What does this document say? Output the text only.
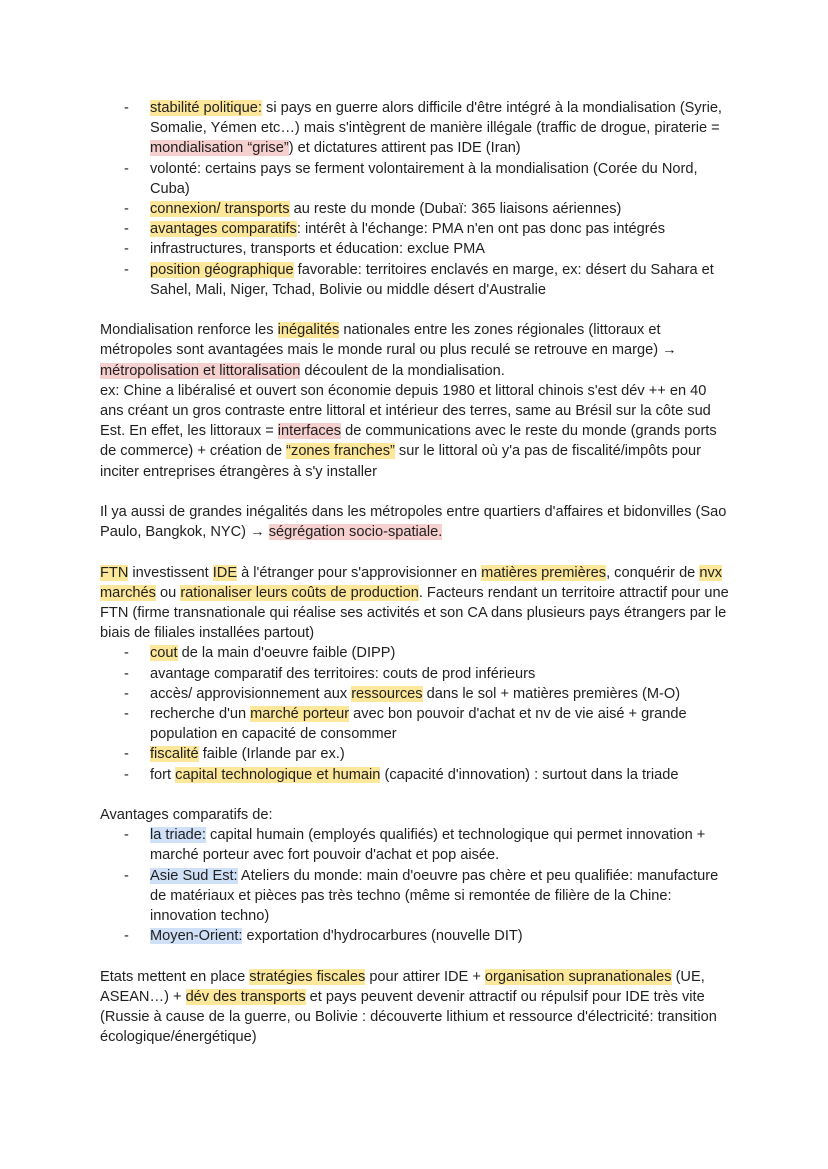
- stabilité politique: si pays en guerre alors difficile d'être intégré à la mondialisation (Syrie, Somalie, Yémen etc…) mais s'intègrent de manière illégale (traffic de drogue, piraterie = mondialisation “grise”) et dictatures attirent pas IDE (Iran)
- volonté: certains pays se ferment volontairement à la mondialisation (Corée du Nord, Cuba)
- connexion/ transports au reste du monde (Dubaï: 365 liaisons aériennes)
- avantages comparatifs: intérêt à l'échange: PMA n'en ont pas donc pas intégrés
- infrastructures, transports et éducation: exclue PMA
- position géographique favorable: territoires enclavés en marge, ex: désert du Sahara et Sahel, Mali, Niger, Tchad, Bolivie ou middle désert d'Australie

Mondialisation renforce les inégalités nationales entre les zones régionales (littoraux et métropoles sont avantagées mais le monde rural ou plus reculé se retrouve en marge) →
métropolisation et littoralisation découlent de la mondialisation.
ex: Chine a libéralisé et ouvert son économie depuis 1980 et littoral chinois s'est dév ++ en 40 ans créant un gros contraste entre littoral et intérieur des terres, same au Brésil sur la côte sud Est. En effet, les littoraux = interfaces de communications avec le reste du monde (grands ports de commerce) + création de “zones franches” sur le littoral où y'a pas de fiscalité/impôts pour inciter entreprises étrangères à s'y installer

Il ya aussi de grandes inégalités dans les métropoles entre quartiers d'affaires et bidonvilles (Sao Paulo, Bangkok, NYC) → ségrégation socio-spatiale.

FTN investissent IDE à l'étranger pour s'approvisionner en matières premières, conquérir de nvx marchés ou rationaliser leurs coûts de production. Facteurs rendant un territoire attractif pour une FTN (firme transnationale qui réalise ses activités et son CA dans plusieurs pays étrangers par le biais de filiales installées partout)

- cout de la main d'oeuvre faible (DIPP)
- avantage comparatif des territoires: couts de prod inférieurs
- accès/ approvisionnement aux ressources dans le sol + matières premières (M-O)
- recherche d'un marché porteur avec bon pouvoir d'achat et nv de vie aisé + grande population en capacité de consommer
- fiscalité faible (Irlande par ex.)
- fort capital technologique et humain (capacité d'innovation) : surtout dans la triade

Avantages comparatifs de:

- la triade: capital humain (employés qualifiés) et technologique qui permet innovation + marché porteur avec fort pouvoir d'achat et pop aisée.
- Asie Sud Est: Ateliers du monde: main d'oeuvre pas chère et peu qualifiée: manufacture de matériaux et pièces pas très techno (même si remontée de filière de la Chine: innovation techno)
- Moyen-Orient: exportation d'hydrocarbures (nouvelle DIT)

Etats mettent en place stratégies fiscales pour attirer IDE + organisation supranationales (UE, ASEAN…) + dév des transports et pays peuvent devenir attractif ou répulsif pour IDE très vite (Russie à cause de la guerre, ou Bolivie : découverte lithium et ressource d'électricité: transition écologique/énergétique)
